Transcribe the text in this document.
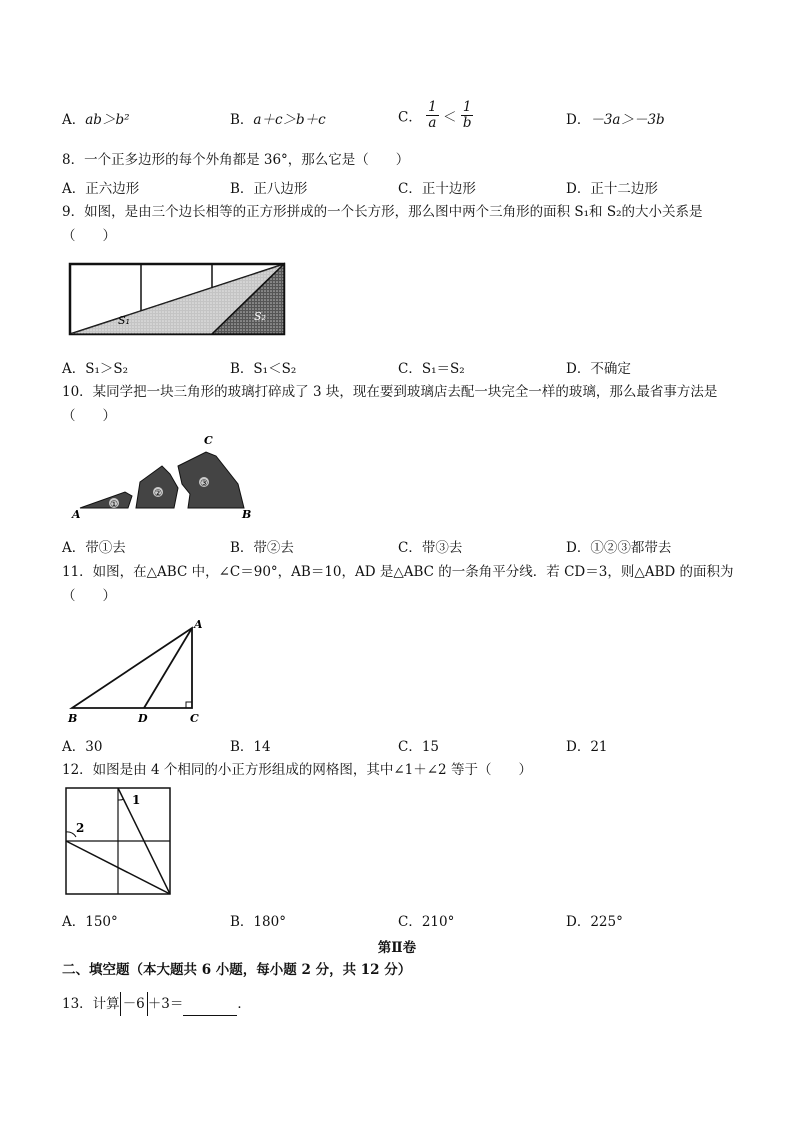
A．ab＞b²	B．a＋c＞b＋c	C． $\frac{1}{a} < \frac{1}{b}$	D．－3a＞－3b
8．一个正多边形的每个外角都是 36°，那么它是（　　）
A．正六边形	B．正八边形	C．正十边形	D．正十二边形
9．如图，是由三个边长相等的正方形拼成的一个长方形，那么图中两个三角形的面积 S₁和 S₂的大小关系是（　　）
S₁	S₂
A．S₁＞S₂	B．S₁＜S₂	C．S₁＝S₂	D．不确定
10．某同学把一块三角形的玻璃打碎成了 3 块，现在要到玻璃店去配一块完全一样的玻璃，那么最省事方法是（　　）
①
②
③
A	B
C
A．带①去	B．带②去	C．带③去	D．①②③都带去
11．如图，在△ABC 中，∠C＝90°，AB＝10，AD 是△ABC 的一条角平分线．若 CD＝3，则△ABD 的面积为（　　）
A
B	D	C
A．30	B．14	C．15	D．21
12．如图是由 4 个相同的小正方形组成的网格图，其中∠1＋∠2 等于（　　）
1
2
A．150°	B．180°	C．210°	D．225°
第Ⅱ卷
二、填空题（本大题共 6 小题，每小题 2 分，共 12 分）
13．计算 －6 ＋3＝	．
